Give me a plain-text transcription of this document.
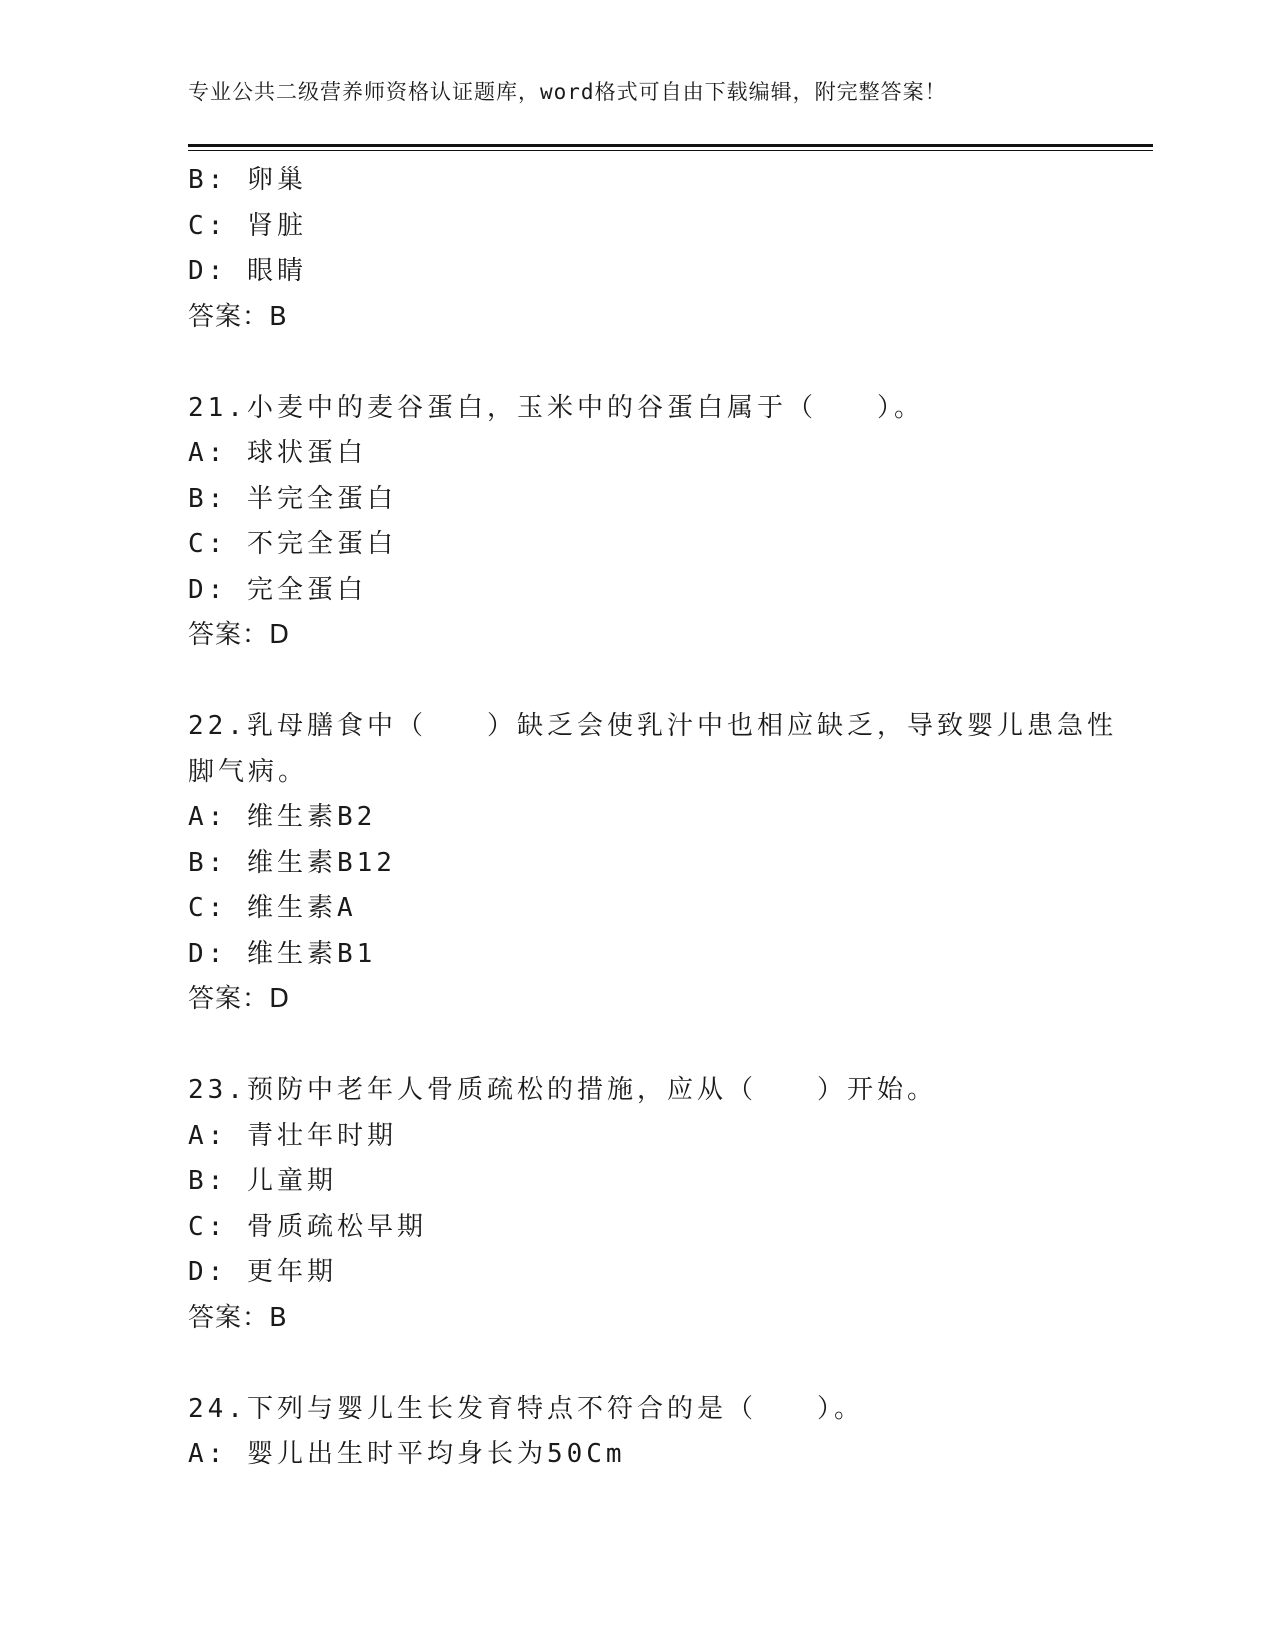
专业公共二级营养师资格认证题库，word格式可自由下载编辑，附完整答案！
B: 卵巢
C: 肾脏
D: 眼睛
答案：B
21.小麦中的麦谷蛋白，玉米中的谷蛋白属于（　　）。
A: 球状蛋白
B: 半完全蛋白
C: 不完全蛋白
D: 完全蛋白
答案：D
22.乳母膳食中（　　）缺乏会使乳汁中也相应缺乏，导致婴儿患急性
脚气病。
A: 维生素B2
B: 维生素B12
C: 维生素A
D: 维生素B1
答案：D
23.预防中老年人骨质疏松的措施，应从（　　）开始。
A: 青壮年时期
B: 儿童期
C: 骨质疏松早期
D: 更年期
答案：B
24.下列与婴儿生长发育特点不符合的是（　　）。
A: 婴儿出生时平均身长为50Cm
